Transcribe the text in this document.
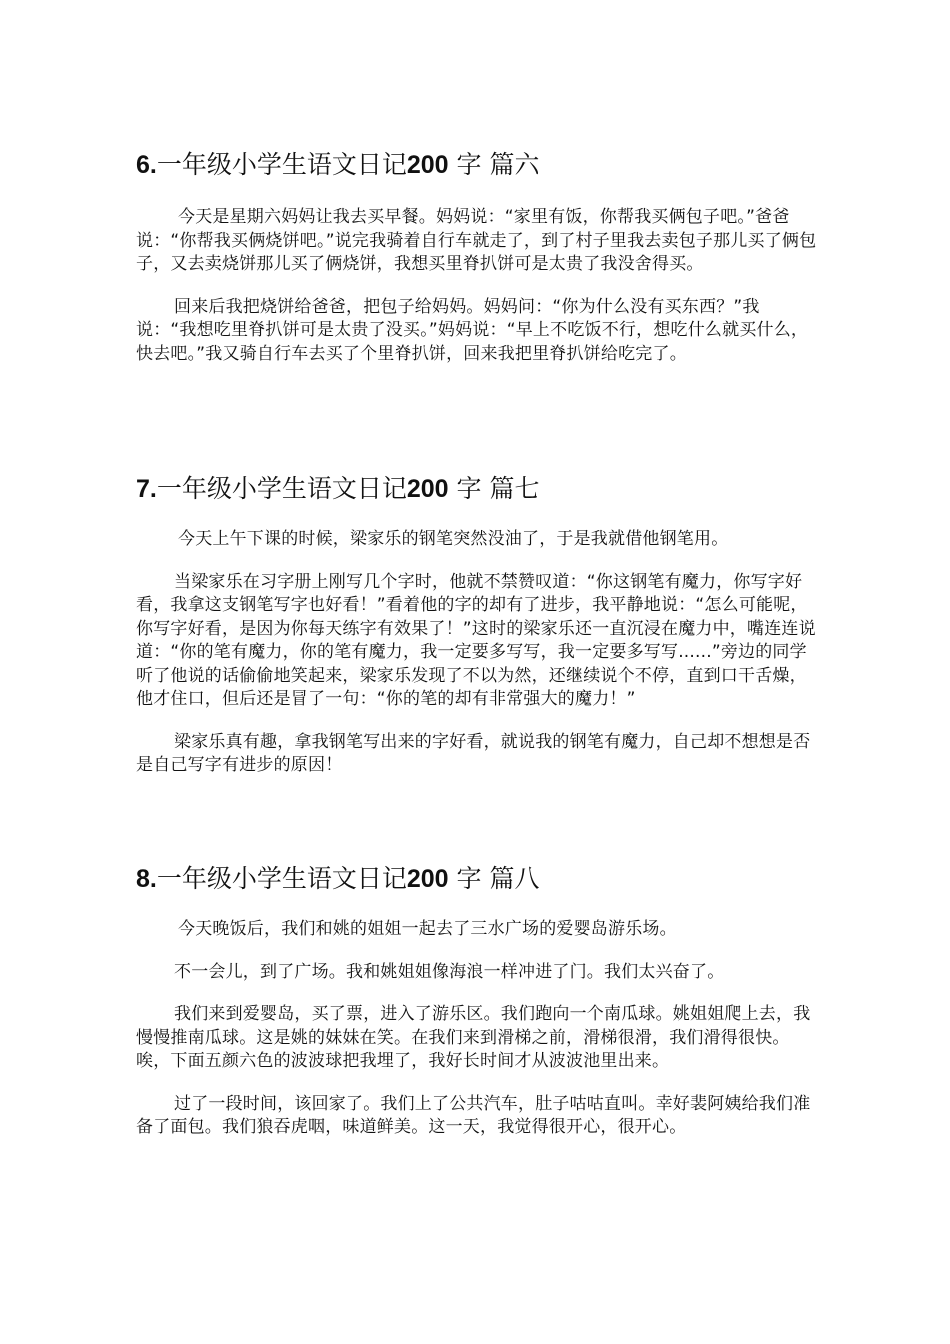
6.一年级小学生语文日记200 字 篇六

今天是星期六妈妈让我去买早餐。妈妈说：“家里有饭，你帮我买俩包子吧。”爸爸说：“你帮我买俩烧饼吧。”说完我骑着自行车就走了，到了村子里我去卖包子那儿买了俩包子，又去卖烧饼那儿买了俩烧饼，我想买里脊扒饼可是太贵了我没舍得买。

回来后我把烧饼给爸爸，把包子给妈妈。妈妈问：“你为什么没有买东西？”我说：“我想吃里脊扒饼可是太贵了没买。”妈妈说：“早上不吃饭不行，想吃什么就买什么，快去吧。”我又骑自行车去买了个里脊扒饼，回来我把里脊扒饼给吃完了。

7.一年级小学生语文日记200 字 篇七

今天上午下课的时候，梁家乐的钢笔突然没油了，于是我就借他钢笔用。

当梁家乐在习字册上刚写几个字时，他就不禁赞叹道：“你这钢笔有魔力，你写字好看，我拿这支钢笔写字也好看！”看着他的字的却有了进步，我平静地说：“怎么可能呢，你写字好看，是因为你每天练字有效果了！”这时的梁家乐还一直沉浸在魔力中，嘴连连说道：“你的笔有魔力，你的笔有魔力，我一定要多写写，我一定要多写写......”旁边的同学听了他说的话偷偷地笑起来，梁家乐发现了不以为然，还继续说个不停，直到口干舌燥，他才住口，但后还是冒了一句：“你的笔的却有非常强大的魔力！”

梁家乐真有趣，拿我钢笔写出来的字好看，就说我的钢笔有魔力，自己却不想想是否是自己写字有进步的原因！

8.一年级小学生语文日记200 字 篇八

今天晚饭后，我们和姚的姐姐一起去了三水广场的爱婴岛游乐场。

不一会儿，到了广场。我和姚姐姐像海浪一样冲进了门。我们太兴奋了。

我们来到爱婴岛，买了票，进入了游乐区。我们跑向一个南瓜球。姚姐姐爬上去，我慢慢推南瓜球。这是姚的妹妹在笑。在我们来到滑梯之前，滑梯很滑，我们滑得很快。唉，下面五颜六色的波波球把我埋了，我好长时间才从波波池里出来。

过了一段时间，该回家了。我们上了公共汽车，肚子咕咕直叫。幸好裴阿姨给我们准备了面包。我们狼吞虎咽，味道鲜美。这一天，我觉得很开心，很开心。
